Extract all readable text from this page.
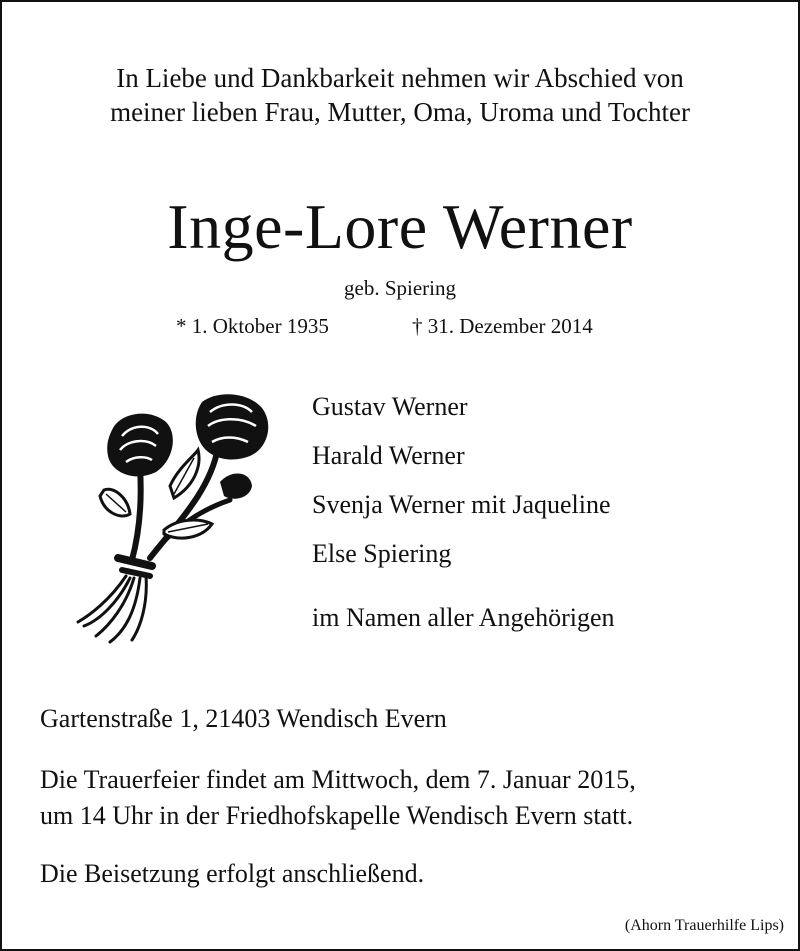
In Liebe und Dankbarkeit nehmen wir Abschied von
meiner lieben Frau, Mutter, Oma, Uroma und Tochter
Inge-Lore Werner
geb. Spiering
* 1. Oktober 1935	† 31. Dezember 2014
Gustav Werner
Harald Werner
Svenja Werner mit Jaqueline
Else Spiering
im Namen aller Angehörigen
Gartenstraße 1, 21403 Wendisch Evern
Die Trauerfeier findet am Mittwoch, dem 7. Januar 2015,
um 14 Uhr in der Friedhofskapelle Wendisch Evern statt.
Die Beisetzung erfolgt anschließend.
(Ahorn Trauerhilfe Lips)
